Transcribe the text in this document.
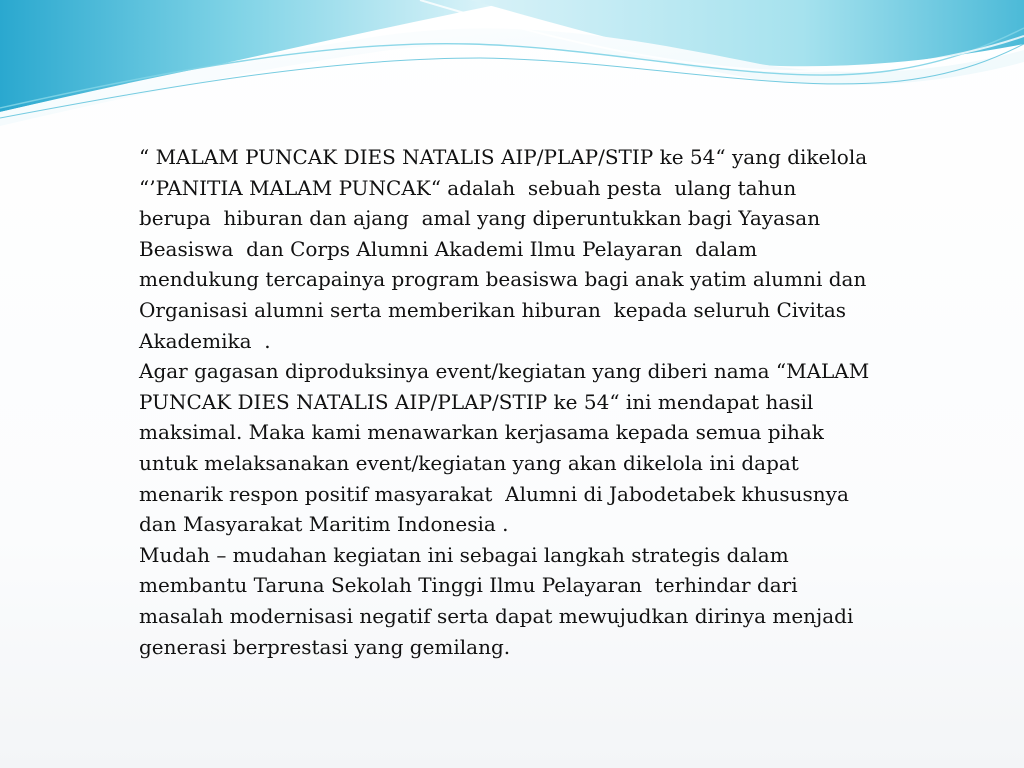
“ MALAM PUNCAK DIES NATALIS AIP/PLAP/STIP ke 54“ yang dikelola
“’PANITIA MALAM PUNCAK“ adalah  sebuah pesta  ulang tahun
berupa  hiburan dan ajang  amal yang diperuntukkan bagi Yayasan
Beasiswa  dan Corps Alumni Akademi Ilmu Pelayaran  dalam
mendukung tercapainya program beasiswa bagi anak yatim alumni dan
Organisasi alumni serta memberikan hiburan  kepada seluruh Civitas
Akademika  .

Agar gagasan diproduksinya event/kegiatan yang diberi nama “MALAM
PUNCAK DIES NATALIS AIP/PLAP/STIP ke 54“ ini mendapat hasil
maksimal. Maka kami menawarkan kerjasama kepada semua pihak
untuk melaksanakan event/kegiatan yang akan dikelola ini dapat
menarik respon positif masyarakat  Alumni di Jabodetabek khususnya
dan Masyarakat Maritim Indonesia .

Mudah – mudahan kegiatan ini sebagai langkah strategis dalam
membantu Taruna Sekolah Tinggi Ilmu Pelayaran  terhindar dari
masalah modernisasi negatif serta dapat mewujudkan dirinya menjadi
generasi berprestasi yang gemilang.
